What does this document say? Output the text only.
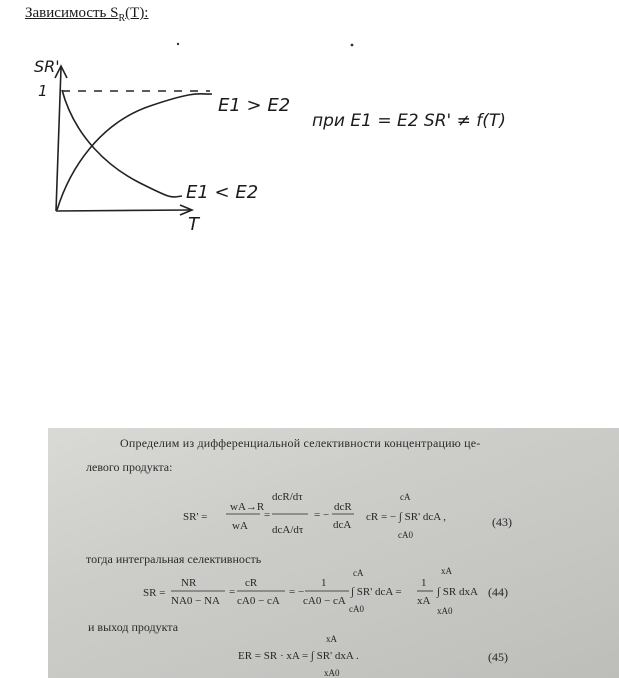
Зависимость $S_R(T)$:
SR'
1
T
E1 > E2
E1 < E2
при E1 = E2 SR' ≠ f(T)
Определим из дифференциальной селективности концентрацию це-
левого продукта:
SR' =
wA→R
wA
=
dcR/dτ
dcA/dτ
= −
dcR
dcA
cA
cR = − ∫ SR' dcA ,
cA0
(43)
тогда интегральная селективность
SR =
NR
NA0 − NA
=
cR
cA0 − cA
= −
1
cA0 − cA
cA
∫ SR' dcA =
cA0
1
xA
xA
∫ SR dxA
xA0
(44)
и выход продукта
xA
ER = SR · xA = ∫ SR' dxA .
xA0
(45)
